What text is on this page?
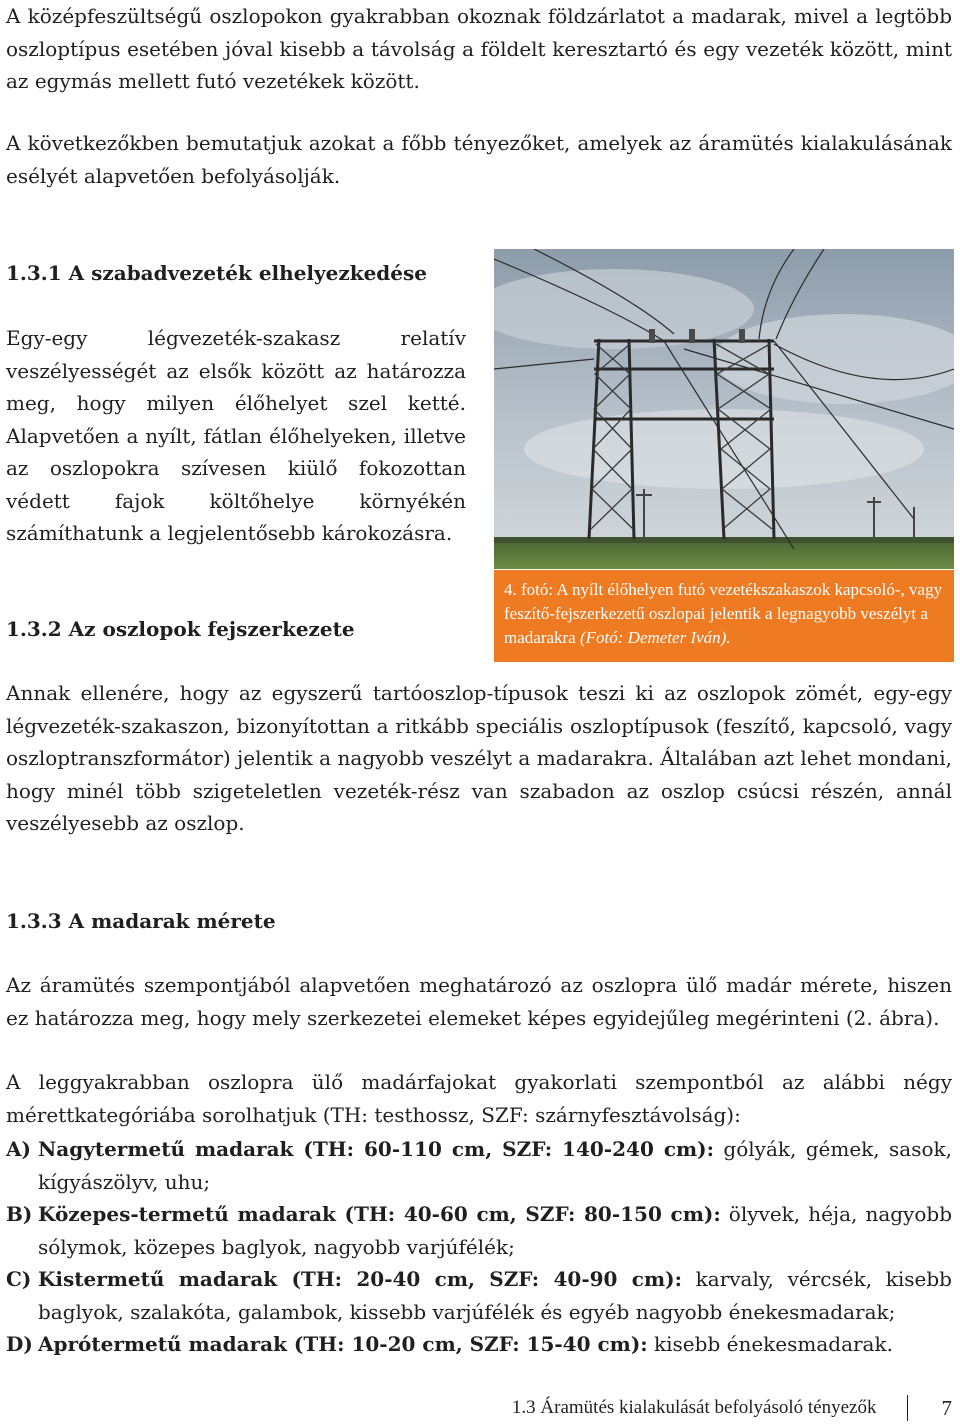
A középfeszültségű oszlopokon gyakrabban okoznak földzárlatot a madarak, mivel a legtöbb oszloptípus esetében jóval kisebb a távolság a földelt keresztartó és egy vezeték között, mint az egymás mellett futó vezetékek között.

A következőkben bemutatjuk azokat a főbb tényezőket, amelyek az áramütés kialakulásának esélyét alapvetően befolyásolják.

1.3.1 A szabadvezeték elhelyezkedése

Egy-egy légvezeték-szakasz relatív veszélyességét az elsők között az határozza meg, hogy milyen élőhelyet szel ketté. Alapvetően a nyílt, fátlan élőhelyeken, illetve az oszlopokra szívesen kiülő fokozottan védett fajok költőhelye környékén számíthatunk a legjelentősebb károkozásra.

4. fotó: A nyílt élőhelyen futó vezetékszakaszok kapcsoló-, vagy feszítő-fejszerkezetű oszlopai jelentik a legnagyobb veszélyt a madarakra (Fotó: Demeter Iván).
1.3.2 Az oszlopok fejszerkezete

Annak ellenére, hogy az egyszerű tartóoszlop-típusok teszi ki az oszlopok zömét, egy-egy légvezeték-szakaszon, bizonyítottan a ritkább speciális oszloptípusok (feszítő, kapcsoló, vagy oszloptranszformátor) jelentik a nagyobb veszélyt a madarakra. Általában azt lehet mondani, hogy minél több szigeteletlen vezeték-rész van szabadon az oszlop csúcsi részén, annál veszélyesebb az oszlop.

1.3.3 A madarak mérete

Az áramütés szempontjából alapvetően meghatározó az oszlopra ülő madár mérete, hiszen ez határozza meg, hogy mely szerkezetei elemeket képes egyidejűleg megérinteni (2. ábra).

A leggyakrabban oszlopra ülő madárfajokat gyakorlati szempontból az alábbi négy mérettkategóriába sorolhatjuk (TH: testhossz, SZF: szárnyfesztávolság):

A) Nagytermetű madarak (TH: 60-110 cm, SZF: 140-240 cm): gólyák, gémek, sasok, kígyászölyv, uhu;
B) Közepes-termetű madarak (TH: 40-60 cm, SZF: 80-150 cm): ölyvek, héja, nagyobb sólymok, közepes baglyok, nagyobb varjúfélék;
C) Kistermetű madarak (TH: 20-40 cm, SZF: 40-90 cm): karvaly, vércsék, kisebb baglyok, szalakóta, galambok, kissebb varjúfélék és egyéb nagyobb énekesmadarak;
D) Aprótermetű madarak (TH: 10-20 cm, SZF: 15-40 cm): kisebb énekesmadarak.
1.3 Áramütés kialakulását befolyásoló tényezők	7
